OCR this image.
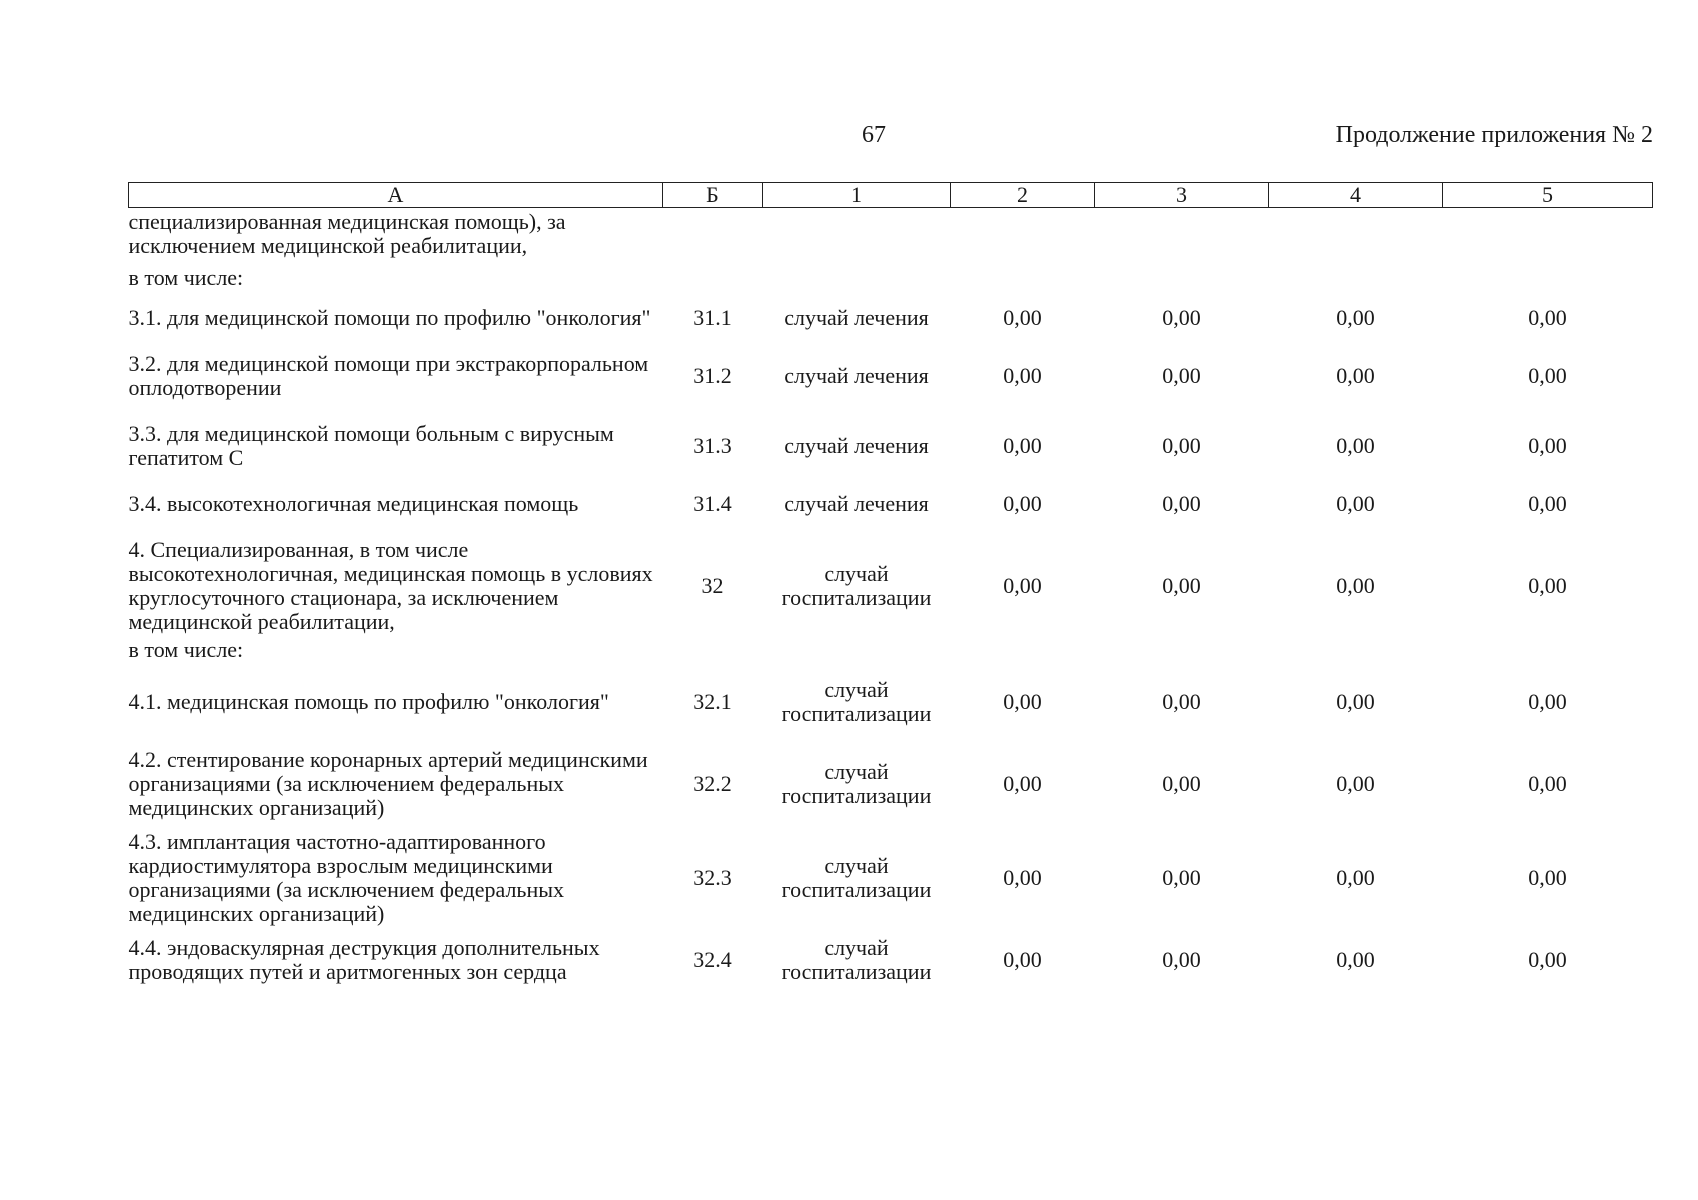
67	Продолжение приложения № 2
А	Б	1	2	3	4	5
специализированная медицинская помощь), за исключением медицинской реабилитации,						
в том числе:						
3.1. для медицинской помощи по профилю "онкология"	31.1	случай лечения	0,00	0,00	0,00	0,00
3.2. для медицинской помощи при экстракорпоральном оплодотворении	31.2	случай лечения	0,00	0,00	0,00	0,00
3.3. для медицинской помощи больным с вирусным гепатитом С	31.3	случай лечения	0,00	0,00	0,00	0,00
3.4. высокотехнологичная медицинская помощь	31.4	случай лечения	0,00	0,00	0,00	0,00
4. Специализированная, в том числе высокотехнологичная, медицинская помощь в условиях круглосуточного стационара, за исключением медицинской реабилитации,	32	случай госпитализации	0,00	0,00	0,00	0,00
в том числе:						
4.1. медицинская помощь по профилю "онкология"	32.1	случай госпитализации	0,00	0,00	0,00	0,00
4.2. стентирование коронарных артерий медицинскими организациями (за исключением федеральных медицинских организаций)	32.2	случай госпитализации	0,00	0,00	0,00	0,00
4.3. имплантация частотно-адаптированного кардиостимулятора взрослым медицинскими организациями (за исключением федеральных медицинских организаций)	32.3	случай госпитализации	0,00	0,00	0,00	0,00
4.4. эндоваскулярная деструкция дополнительных проводящих путей и аритмогенных зон сердца	32.4	случай госпитализации	0,00	0,00	0,00	0,00
